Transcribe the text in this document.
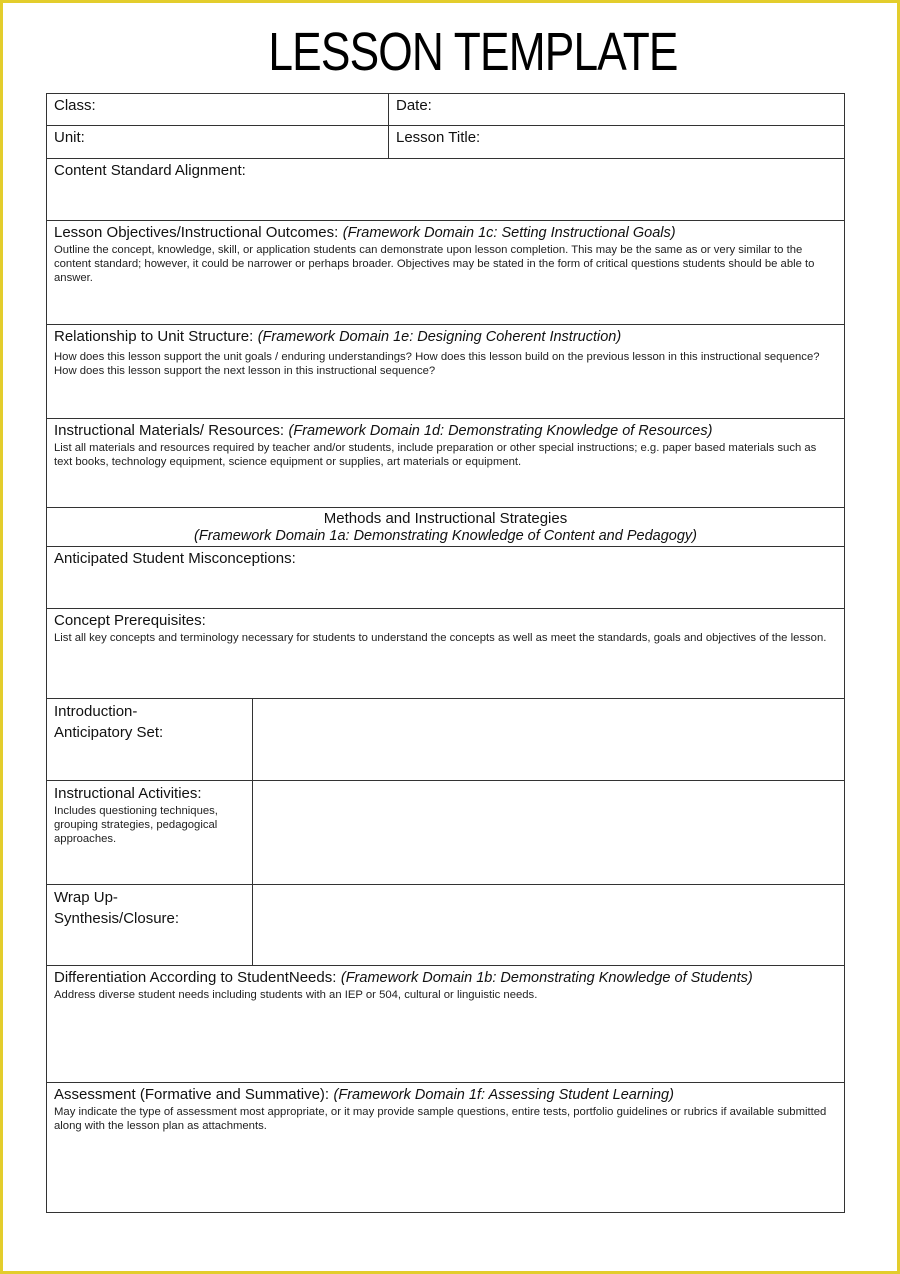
LESSON TEMPLATE
Class:		Date:
Unit:		Lesson Title:
Content Standard Alignment:		

Lesson Objectives/Instructional Outcomes: (Framework Domain 1c: Setting Instructional Goals)
Outline the concept, knowledge, skill, or application students can demonstrate upon lesson completion. This may be the same as or very similar to the content standard; however, it could be narrower or perhaps broader. Objectives may be stated in the form of critical questions students should be able to answer.		

Relationship to Unit Structure: (Framework Domain 1e: Designing Coherent Instruction)
How does this lesson support the unit goals / enduring understandings? How does this lesson build on the previous lesson in this instructional sequence? How does this lesson support the next lesson in this instructional sequence?		

Instructional Materials/ Resources: (Framework Domain 1d: Demonstrating Knowledge of Resources)
List all materials and resources required by teacher and/or students, include preparation or other special instructions; e.g. paper based materials such as text books, technology equipment, science equipment or supplies, art materials or equipment.		

Methods and Instructional Strategies
(Framework Domain 1a: Demonstrating Knowledge of Content and Pedagogy)		

Anticipated Student Misconceptions:		

Concept Prerequisites:
List all key concepts and terminology necessary for students to understand the concepts as well as meet the standards, goals and objectives of the lesson.		

Introduction-
Anticipatory Set:		

Instructional Activities:
Includes questioning techniques, grouping strategies, pedagogical approaches.		

Wrap Up-
Synthesis/Closure:		

Differentiation According to StudentNeeds: (Framework Domain 1b: Demonstrating Knowledge of Students)
Address diverse student needs including students with an IEP or 504, cultural or linguistic needs.		

Assessment (Formative and Summative): (Framework Domain 1f: Assessing Student Learning)
May indicate the type of assessment most appropriate, or it may provide sample questions, entire tests, portfolio guidelines or rubrics if available submitted along with the lesson plan as attachments.		
